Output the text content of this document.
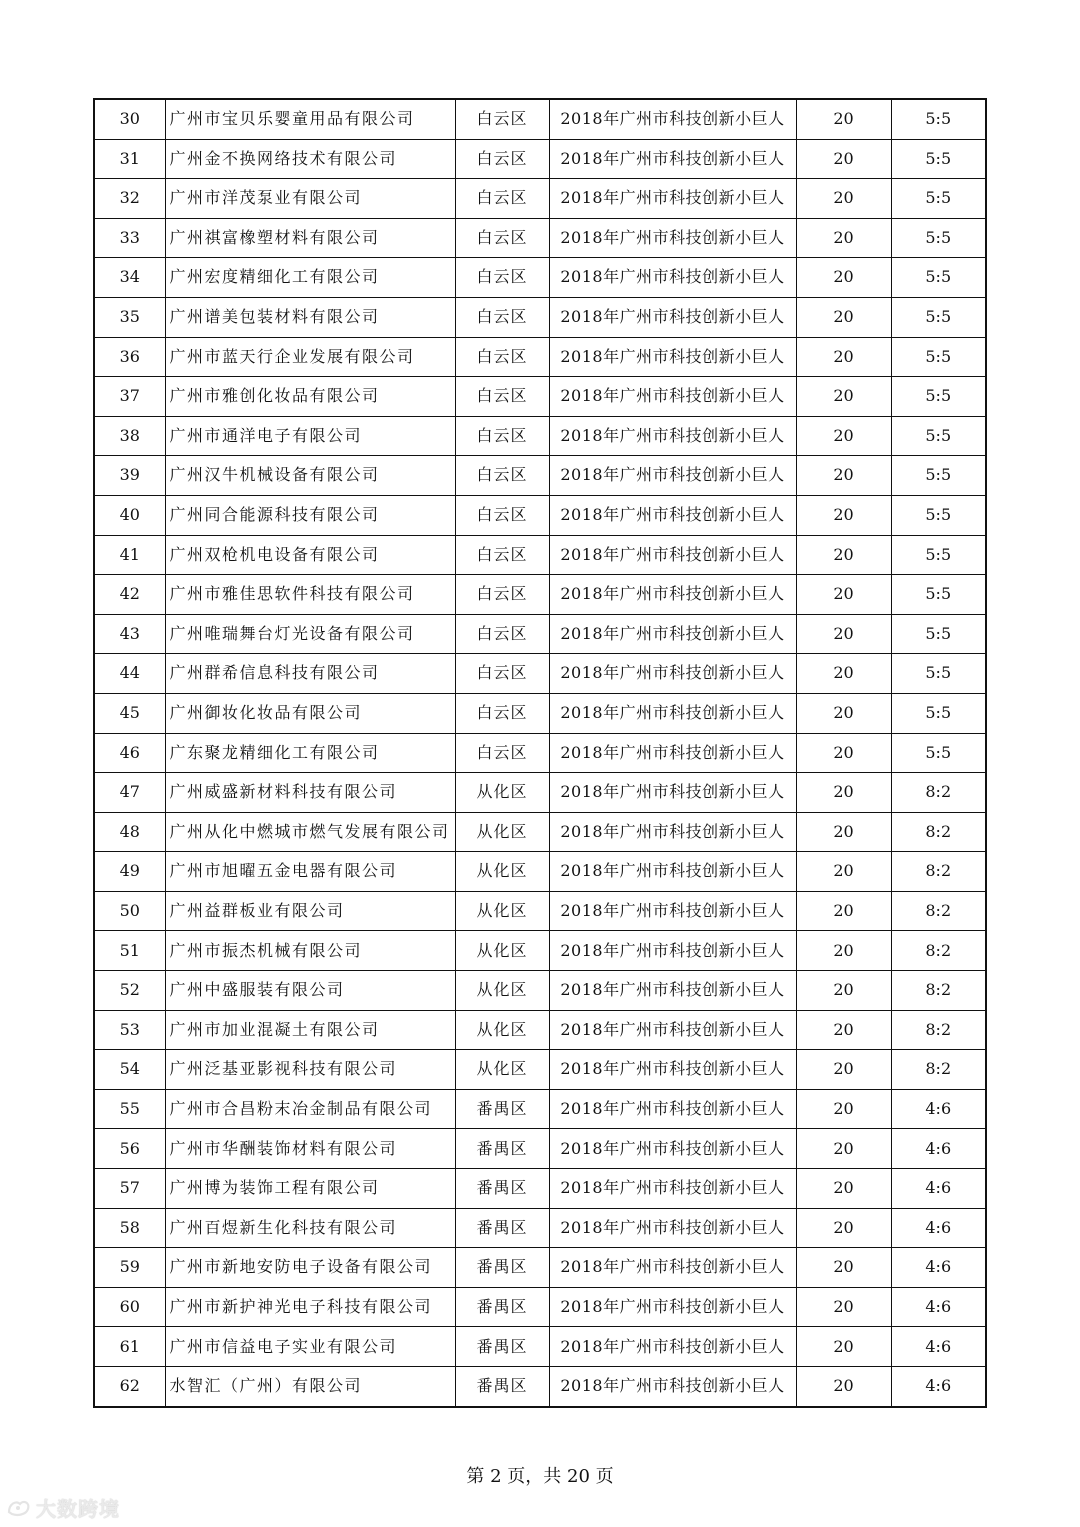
30	广州市宝贝乐婴童用品有限公司	白云区	2018年广州市科技创新小巨人	20	5:5
31	广州金不换网络技术有限公司	白云区	2018年广州市科技创新小巨人	20	5:5
32	广州市洋茂泵业有限公司	白云区	2018年广州市科技创新小巨人	20	5:5
33	广州祺富橡塑材料有限公司	白云区	2018年广州市科技创新小巨人	20	5:5
34	广州宏度精细化工有限公司	白云区	2018年广州市科技创新小巨人	20	5:5
35	广州谱美包装材料有限公司	白云区	2018年广州市科技创新小巨人	20	5:5
36	广州市蓝天行企业发展有限公司	白云区	2018年广州市科技创新小巨人	20	5:5
37	广州市雅创化妆品有限公司	白云区	2018年广州市科技创新小巨人	20	5:5
38	广州市通洋电子有限公司	白云区	2018年广州市科技创新小巨人	20	5:5
39	广州汉牛机械设备有限公司	白云区	2018年广州市科技创新小巨人	20	5:5
40	广州同合能源科技有限公司	白云区	2018年广州市科技创新小巨人	20	5:5
41	广州双枪机电设备有限公司	白云区	2018年广州市科技创新小巨人	20	5:5
42	广州市雅佳思软件科技有限公司	白云区	2018年广州市科技创新小巨人	20	5:5
43	广州唯瑞舞台灯光设备有限公司	白云区	2018年广州市科技创新小巨人	20	5:5
44	广州群希信息科技有限公司	白云区	2018年广州市科技创新小巨人	20	5:5
45	广州御妆化妆品有限公司	白云区	2018年广州市科技创新小巨人	20	5:5
46	广东聚龙精细化工有限公司	白云区	2018年广州市科技创新小巨人	20	5:5
47	广州威盛新材料科技有限公司	从化区	2018年广州市科技创新小巨人	20	8:2
48	广州从化中燃城市燃气发展有限公司	从化区	2018年广州市科技创新小巨人	20	8:2
49	广州市旭曜五金电器有限公司	从化区	2018年广州市科技创新小巨人	20	8:2
50	广州益群板业有限公司	从化区	2018年广州市科技创新小巨人	20	8:2
51	广州市振杰机械有限公司	从化区	2018年广州市科技创新小巨人	20	8:2
52	广州中盛服装有限公司	从化区	2018年广州市科技创新小巨人	20	8:2
53	广州市加业混凝土有限公司	从化区	2018年广州市科技创新小巨人	20	8:2
54	广州泛基亚影视科技有限公司	从化区	2018年广州市科技创新小巨人	20	8:2
55	广州市合昌粉末冶金制品有限公司	番禺区	2018年广州市科技创新小巨人	20	4:6
56	广州市华酬装饰材料有限公司	番禺区	2018年广州市科技创新小巨人	20	4:6
57	广州博为装饰工程有限公司	番禺区	2018年广州市科技创新小巨人	20	4:6
58	广州百煜新生化科技有限公司	番禺区	2018年广州市科技创新小巨人	20	4:6
59	广州市新地安防电子设备有限公司	番禺区	2018年广州市科技创新小巨人	20	4:6
60	广州市新护神光电子科技有限公司	番禺区	2018年广州市科技创新小巨人	20	4:6
61	广州市信益电子实业有限公司	番禺区	2018年广州市科技创新小巨人	20	4:6
62	水智汇（广州）有限公司	番禺区	2018年广州市科技创新小巨人	20	4:6
第 2 页，共 20 页
大数跨境
